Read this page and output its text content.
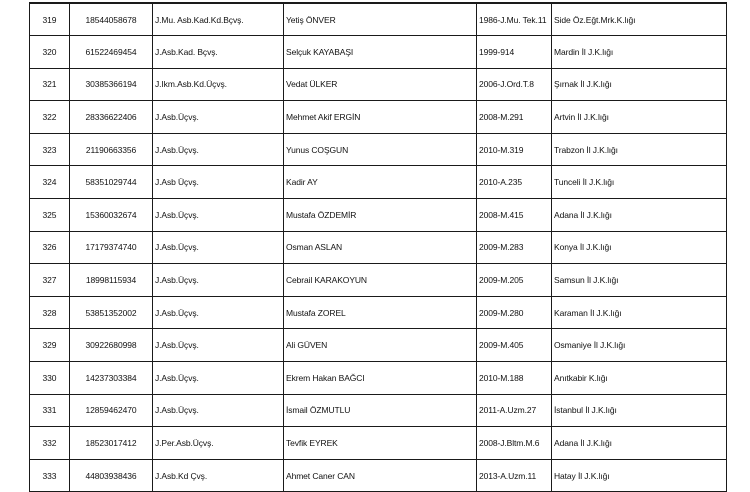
319	18544058678	J.Mu. Asb.Kad.Kd.Bçvş.	Yetiş ÖNVER	1986-J.Mu. Tek.11	Side Öz.Eğt.Mrk.K.lığı
320	61522469454	J.Asb.Kad. Bçvş.	Selçuk KAYABAŞI	1999-914	Mardin İl J.K.lığı
321	30385366194	J.Ikm.Asb.Kd.Üçvş.	Vedat ÜLKER	2006-J.Ord.T.8	Şırnak İl J.K.lığı
322	28336622406	J.Asb.Üçvş.	Mehmet Akif ERGİN	2008-M.291	Artvin İl J.K.lığı
323	21190663356	J.Asb.Üçvş.	Yunus COŞGUN	2010-M.319	Trabzon İl J.K.lığı
324	58351029744	J.Asb Üçvş.	Kadir AY	2010-A.235	Tunceli İl J.K.lığı
325	15360032674	J.Asb.Üçvş.	Mustafa ÖZDEMİR	2008-M.415	Adana İl J.K.lığı
326	17179374740	J.Asb.Üçvş.	Osman ASLAN	2009-M.283	Konya İl J.K.lığı
327	18998115934	J.Asb.Üçvş.	Cebrail KARAKOYUN	2009-M.205	Samsun İl J.K.lığı
328	53851352002	J.Asb.Üçvş.	Mustafa ZOREL	2009-M.280	Karaman İl J.K.lığı
329	30922680998	J.Asb.Üçvş.	Ali GÜVEN	2009-M.405	Osmaniye İl J.K.lığı
330	14237303384	J.Asb.Üçvş.	Ekrem Hakan BAĞCI	2010-M.188	Anıtkabir K.lığı
331	12859462470	J.Asb.Üçvş.	İsmail ÖZMUTLU	2011-A.Uzm.27	İstanbul İl J.K.lığı
332	18523017412	J.Per.Asb.Üçvş.	Tevfik EYREK	2008-J.Bltm.M.6	Adana İl J.K.lığı
333	44803938436	J.Asb.Kd Çvş.	Ahmet Caner CAN	2013-A.Uzm.11	Hatay İl J.K.lığı
